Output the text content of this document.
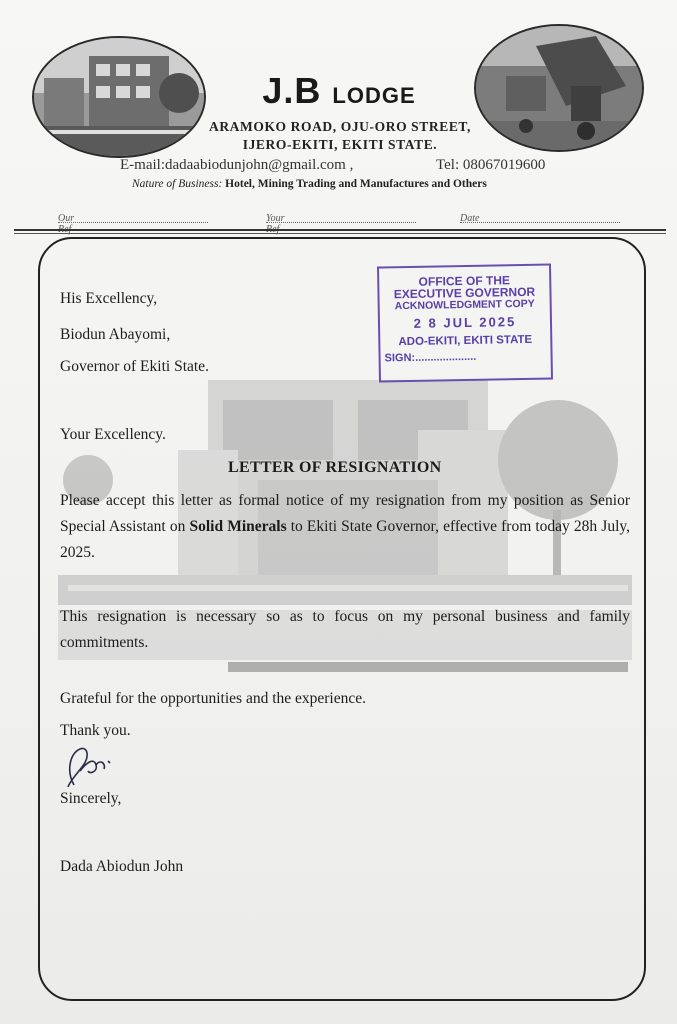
J.B LODGE
ARAMOKO ROAD, OJU-ORO STREET,
IJERO-EKITI, EKITI STATE.
E-mail:dadaabiodunjohn@gmail.com ,	Tel: 08067019600
Nature of Business: Hotel, Mining Trading and Manufactures and Others
Our	Your	Date
His Excellency,
Biodun Abayomi,
Governor of Ekiti State.
OFFICE OF THE
EXECUTIVE GOVERNOR
ACKNOWLEDGMENT COPY
2 8 JUL 2025
ADO-EKITI, EKITI STATE
SIGN:....................
Your Excellency.
LETTER OF RESIGNATION
Please accept this letter as formal notice of my resignation from my position as Senior Special Assistant on Solid Minerals to Ekiti State Governor, effective from today 28h July, 2025.
This resignation is necessary so as to focus on my personal business and family commitments.
Grateful for the opportunities and the experience.
Thank you.
Sincerely,
Dada Abiodun John
